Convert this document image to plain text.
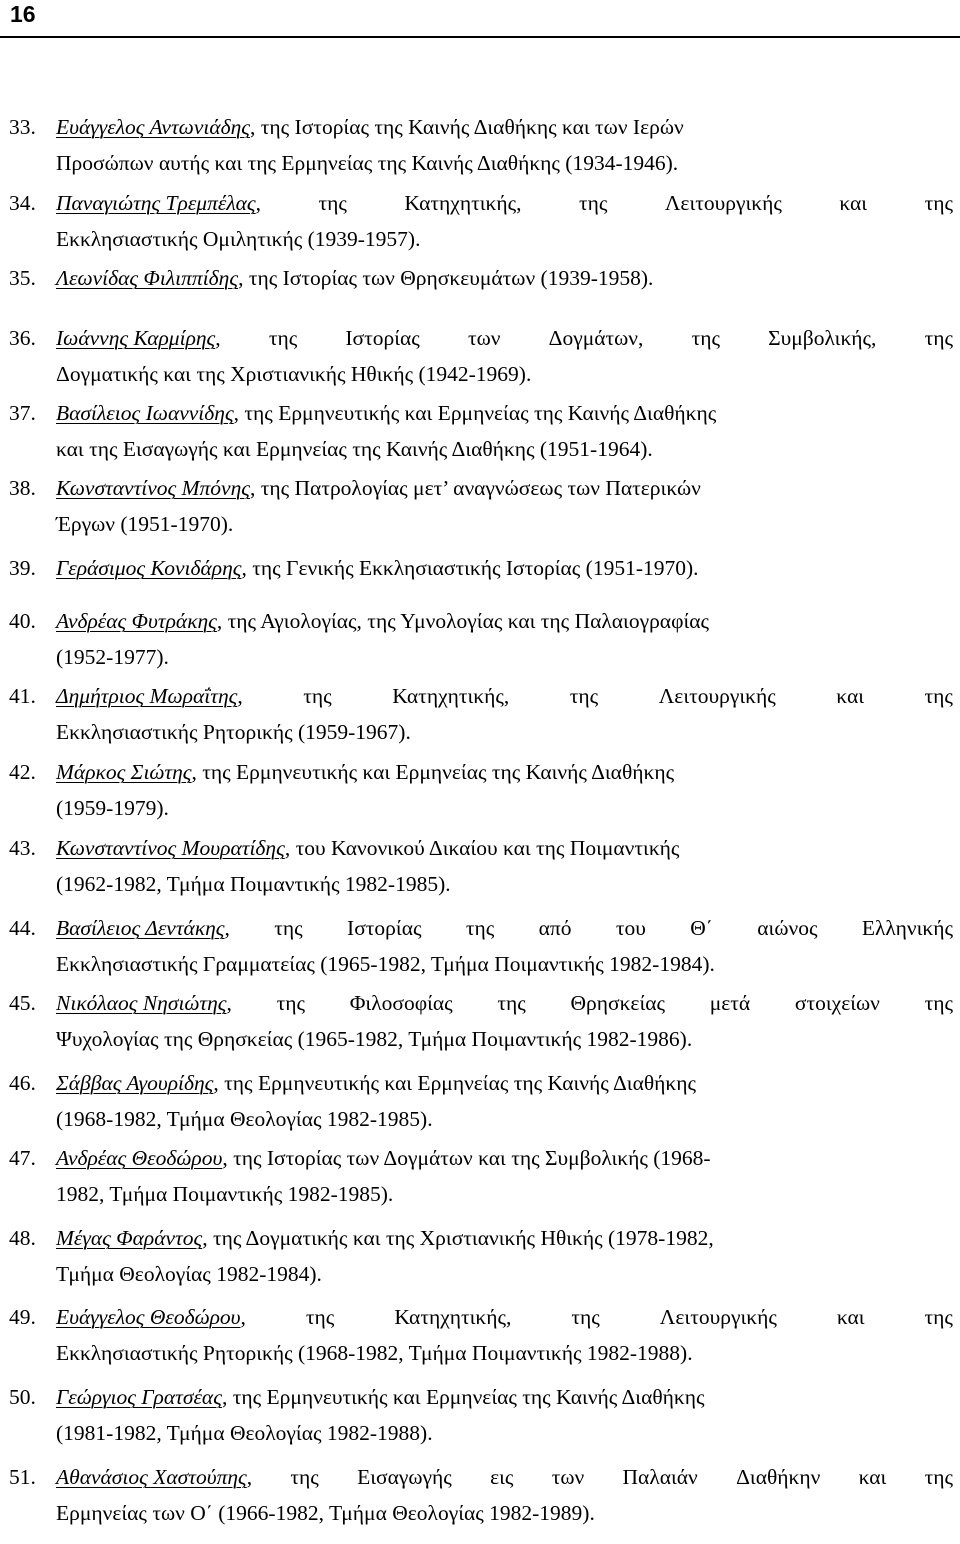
16
33. Ευάγγελος Αντωνιάδης, της Ιστορίας της Καινής Διαθήκης και των Ιερών
Προσώπων αυτής και της Ερμηνείας της Καινής Διαθήκης (1934-1946).
34. Παναγιώτης Τρεμπέλας,	της	Κατηχητικής,	της	Λειτουργικής	και	της
Εκκλησιαστικής Ομιλητικής (1939-1957).
35. Λεωνίδας Φιλιππίδης, της Ιστορίας των Θρησκευμάτων (1939-1958).
36. Ιωάννης Καρμίρης, της Ιστορίας των Δογμάτων, της Συμβολικής, της
Δογματικής και της Χριστιανικής Ηθικής (1942-1969).
37. Βασίλειος Ιωαννίδης, της Ερμηνευτικής και Ερμηνείας της Καινής Διαθήκης
και της Εισαγωγής και Ερμηνείας της Καινής Διαθήκης (1951-1964).
38. Κωνσταντίνος Μπόνης, της Πατρολογίας μετ’ αναγνώσεως των Πατερικών
Έργων (1951-1970).
39. Γεράσιμος Κονιδάρης, της Γενικής Εκκλησιαστικής Ιστορίας (1951-1970).
40. Ανδρέας Φυτράκης, της Αγιολογίας, της Υμνολογίας και της Παλαιογραφίας
(1952-1977).
41. Δημήτριος Μωραΐτης,	της	Κατηχητικής,	της	Λειτουργικής	και	της
Εκκλησιαστικής Ρητορικής (1959-1967).
42. Μάρκος Σιώτης, της Ερμηνευτικής και Ερμηνείας της Καινής Διαθήκης
(1959-1979).
43. Κωνσταντίνος Μουρατίδης, του Κανονικού Δικαίου και της Ποιμαντικής
(1962-1982, Τμήμα Ποιμαντικής 1982-1985).
44. Βασίλειος Δεντάκης, της Ιστορίας της από του Θ΄ αιώνος Ελληνικής
Εκκλησιαστικής Γραμματείας (1965-1982, Τμήμα Ποιμαντικής 1982-1984).
45. Νικόλαος Νησιώτης, της Φιλοσοφίας της Θρησκείας μετά στοιχείων της
Ψυχολογίας της Θρησκείας (1965-1982, Τμήμα Ποιμαντικής 1982-1986).
46. Σάββας Αγουρίδης, της Ερμηνευτικής και Ερμηνείας της Καινής Διαθήκης
(1968-1982, Τμήμα Θεολογίας 1982-1985).
47. Ανδρέας Θεοδώρου, της Ιστορίας των Δογμάτων και της Συμβολικής (1968-
1982, Τμήμα Ποιμαντικής 1982-1985).
48. Μέγας Φαράντος, της Δογματικής και της Χριστιανικής Ηθικής (1978-1982,
Τμήμα Θεολογίας 1982-1984).
49. Ευάγγελος Θεοδώρου,	της	Κατηχητικής,	της	Λειτουργικής	και	της
Εκκλησιαστικής Ρητορικής (1968-1982, Τμήμα Ποιμαντικής 1982-1988).
50. Γεώργιος Γρατσέας, της Ερμηνευτικής και Ερμηνείας της Καινής Διαθήκης
(1981-1982, Τμήμα Θεολογίας 1982-1988).
51. Αθανάσιος Χαστούπης, της Εισαγωγής εις των Παλαιάν Διαθήκην και της
Ερμηνείας των Ο΄ (1966-1982, Τμήμα Θεολογίας 1982-1989).
